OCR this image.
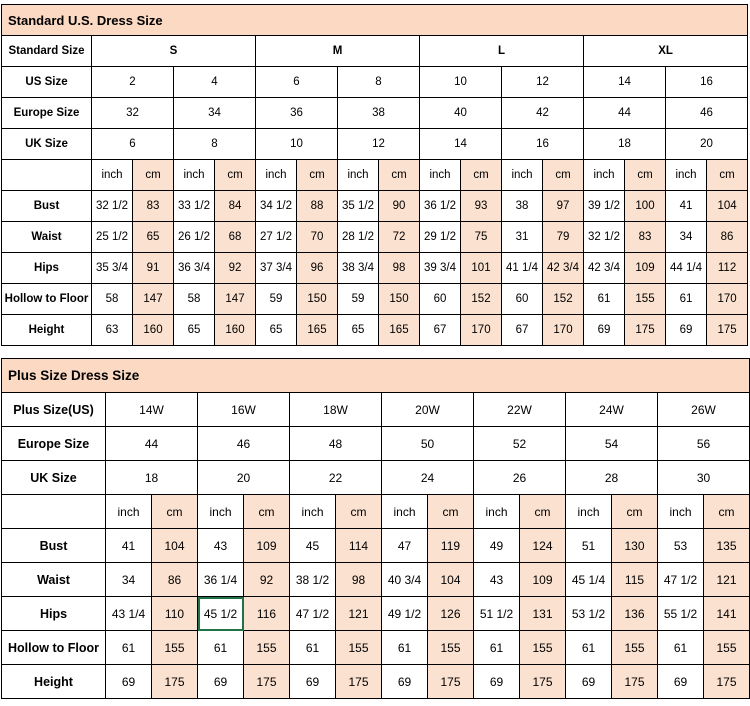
Standard U.S. Dress Size																
Standard Size	S				M				L				XL			
US Size	2		4		6		8		10		12		14		16	
Europe Size	32		34		36		38		40		42		44		46	
UK Size	6		8		10		12		14		16		18		20	
	inch	cm	inch	cm	inch	cm	inch	cm	inch	cm	inch	cm	inch	cm	inch	cm
Bust	32 1/2	83	33 1/2	84	34 1/2	88	35 1/2	90	36 1/2	93	38	97	39 1/2	100	41	104
Waist	25 1/2	65	26 1/2	68	27 1/2	70	28 1/2	72	29 1/2	75	31	79	32 1/2	83	34	86
Hips	35 3/4	91	36 3/4	92	37 3/4	96	38 3/4	98	39 3/4	101	41 1/4	42 3/4	42 3/4	109	44 1/4	112
Hollow to Floor	58	147	58	147	59	150	59	150	60	152	60	152	61	155	61	170
Height	63	160	65	160	65	165	65	165	67	170	67	170	69	175	69	175
Plus Size Dress Size														
Plus Size(US)	14W		16W		18W		20W		22W		24W		26W	
Europe Size	44		46		48		50		52		54		56	
UK Size	18		20		22		24		26		28		30	
	inch	cm	inch	cm	inch	cm	inch	cm	inch	cm	inch	cm	inch	cm
Bust	41	104	43	109	45	114	47	119	49	124	51	130	53	135
Waist	34	86	36 1/4	92	38 1/2	98	40 3/4	104	43	109	45 1/4	115	47 1/2	121
Hips	43 1/4	110	45 1/2	116	47 1/2	121	49 1/2	126	51 1/2	131	53 1/2	136	55 1/2	141
Hollow to Floor	61	155	61	155	61	155	61	155	61	155	61	155	61	155
Height	69	175	69	175	69	175	69	175	69	175	69	175	69	175
